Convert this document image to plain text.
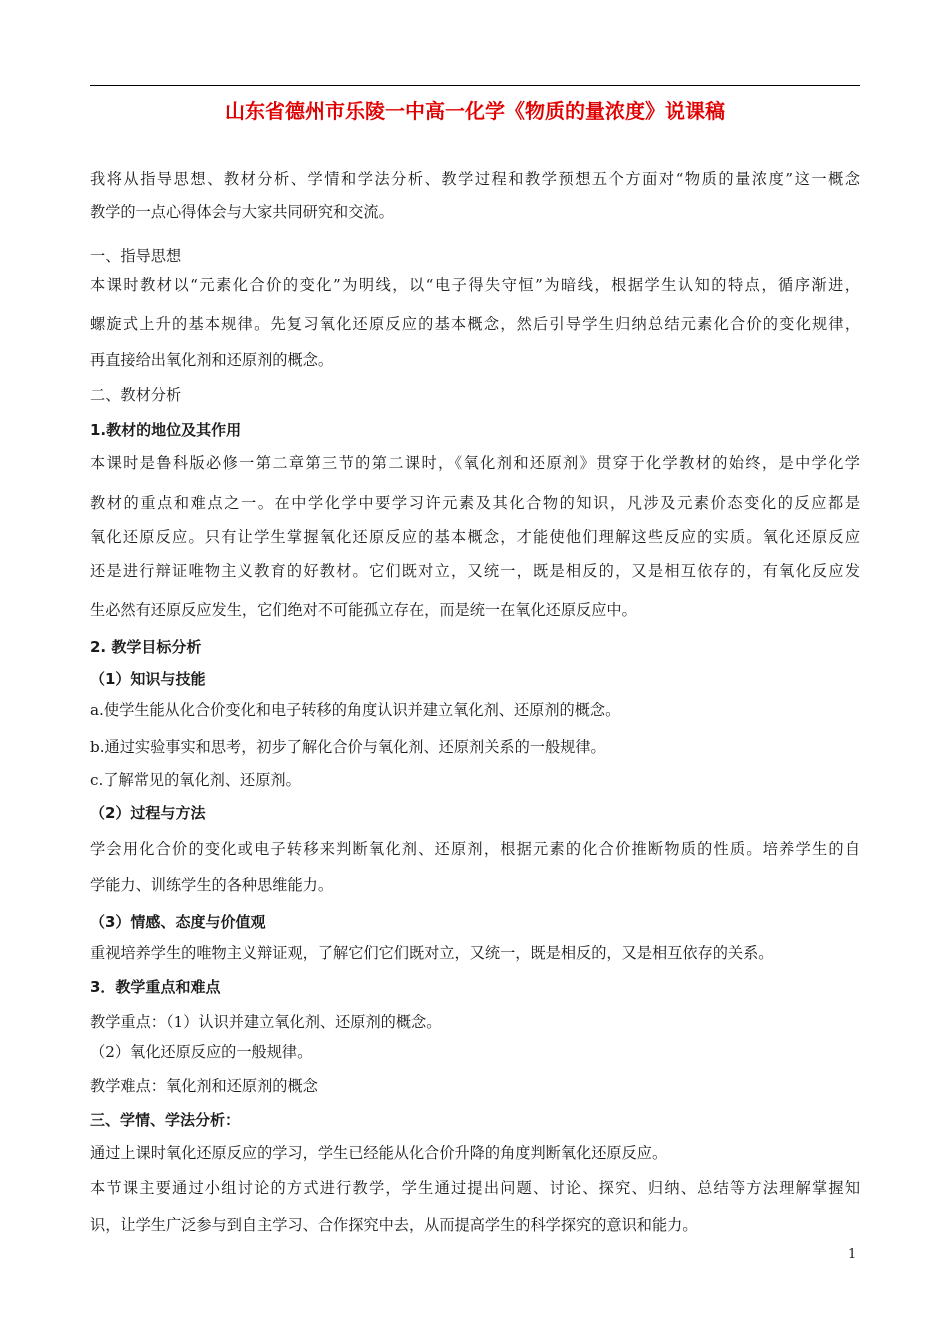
山东省德州市乐陵一中高一化学《物质的量浓度》说课稿
我将从指导思想、教材分析、学情和学法分析、教学过程和教学预想五个方面对“物质的量浓度”这一概念
教学的一点心得体会与大家共同研究和交流。
一、指导思想
本课时教材以“元素化合价的变化”为明线，以“电子得失守恒”为暗线，根据学生认知的特点，循序渐进，
螺旋式上升的基本规律。先复习氧化还原反应的基本概念，然后引导学生归纳总结元素化合价的变化规律，
再直接给出氧化剂和还原剂的概念。
二、教材分析
1.教材的地位及其作用
本课时是鲁科版必修一第二章第三节的第二课时，《氧化剂和还原剂》贯穿于化学教材的始终，是中学化学
教材的重点和难点之一。在中学化学中要学习许元素及其化合物的知识，凡涉及元素价态变化的反应都是
氧化还原反应。只有让学生掌握氧化还原反应的基本概念，才能使他们理解这些反应的实质。氧化还原反应
还是进行辩证唯物主义教育的好教材。它们既对立，又统一，既是相反的，又是相互依存的，有氧化反应发
生必然有还原反应发生，它们绝对不可能孤立存在，而是统一在氧化还原反应中。
2. 教学目标分析
（1）知识与技能
a.使学生能从化合价变化和电子转移的角度认识并建立氧化剂、还原剂的概念。
b.通过实验事实和思考，初步了解化合价与氧化剂、还原剂关系的一般规律。
c.了解常见的氧化剂、还原剂。
（2）过程与方法
学会用化合价的变化或电子转移来判断氧化剂、还原剂，根据元素的化合价推断物质的性质。培养学生的自
学能力、训练学生的各种思维能力。
（3）情感、态度与价值观
重视培养学生的唯物主义辩证观，了解它们它们既对立，又统一，既是相反的，又是相互依存的关系。
3．教学重点和难点
教学重点：（1）认识并建立氧化剂、还原剂的概念。
（2）氧化还原反应的一般规律。
教学难点：氧化剂和还原剂的概念
三、学情、学法分析：
通过上课时氧化还原反应的学习，学生已经能从化合价升降的角度判断氧化还原反应。
本节课主要通过小组讨论的方式进行教学，学生通过提出问题、讨论、探究、归纳、总结等方法理解掌握知
识，让学生广泛参与到自主学习、合作探究中去，从而提高学生的科学探究的意识和能力。
1
